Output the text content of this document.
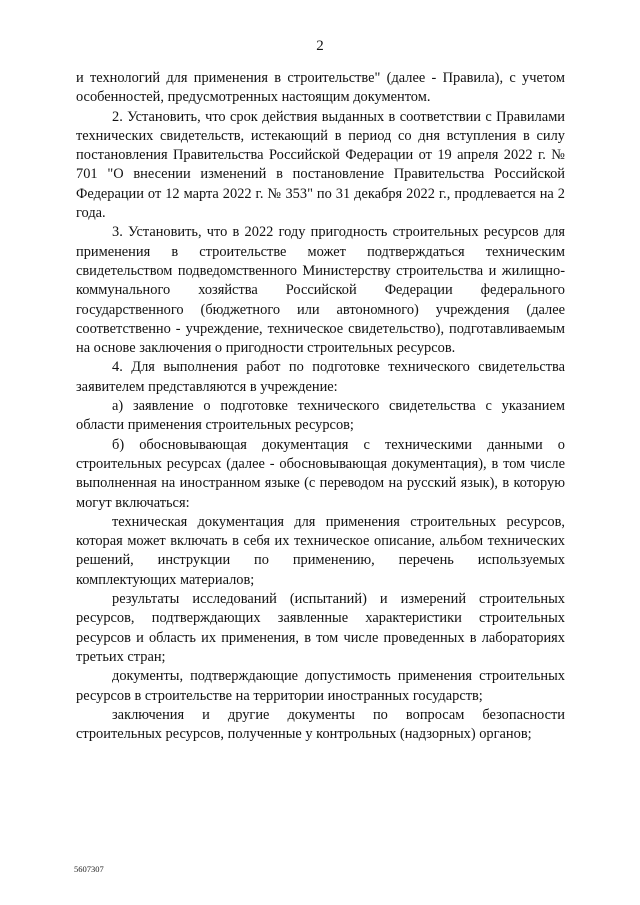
2

и технологий для применения в строительстве" (далее - Правила), с учетом особенностей, предусмотренных настоящим документом.

2. Установить, что срок действия выданных в соответствии с Правилами технических свидетельств, истекающий в период со дня вступления в силу постановления Правительства Российской Федерации от 19 апреля 2022 г. № 701 "О внесении изменений в постановление Правительства Российской Федерации от 12 марта 2022 г. № 353" по 31 декабря 2022 г., продлевается на 2 года.

3. Установить, что в 2022 году пригодность строительных ресурсов для применения в строительстве может подтверждаться техническим свидетельством подведомственного Министерству строительства и жилищно-коммунального хозяйства Российской Федерации федерального государственного (бюджетного или автономного) учреждения (далее соответственно - учреждение, техническое свидетельство), подготавливаемым на основе заключения о пригодности строительных ресурсов.

4. Для выполнения работ по подготовке технического свидетельства заявителем представляются в учреждение:

а) заявление о подготовке технического свидетельства с указанием области применения строительных ресурсов;

б) обосновывающая документация с техническими данными о строительных ресурсах (далее - обосновывающая документация), в том числе выполненная на иностранном языке (с переводом на русский язык), в которую могут включаться:

техническая документация для применения строительных ресурсов, которая может включать в себя их техническое описание, альбом технических решений, инструкции по применению, перечень используемых комплектующих материалов;

результаты исследований (испытаний) и измерений строительных ресурсов, подтверждающих заявленные характеристики строительных ресурсов и область их применения, в том числе проведенных в лабораториях третьих стран;

документы, подтверждающие допустимость применения строительных ресурсов в строительстве на территории иностранных государств;

заключения и другие документы по вопросам безопасности строительных ресурсов, полученные у контрольных (надзорных) органов;

5607307
